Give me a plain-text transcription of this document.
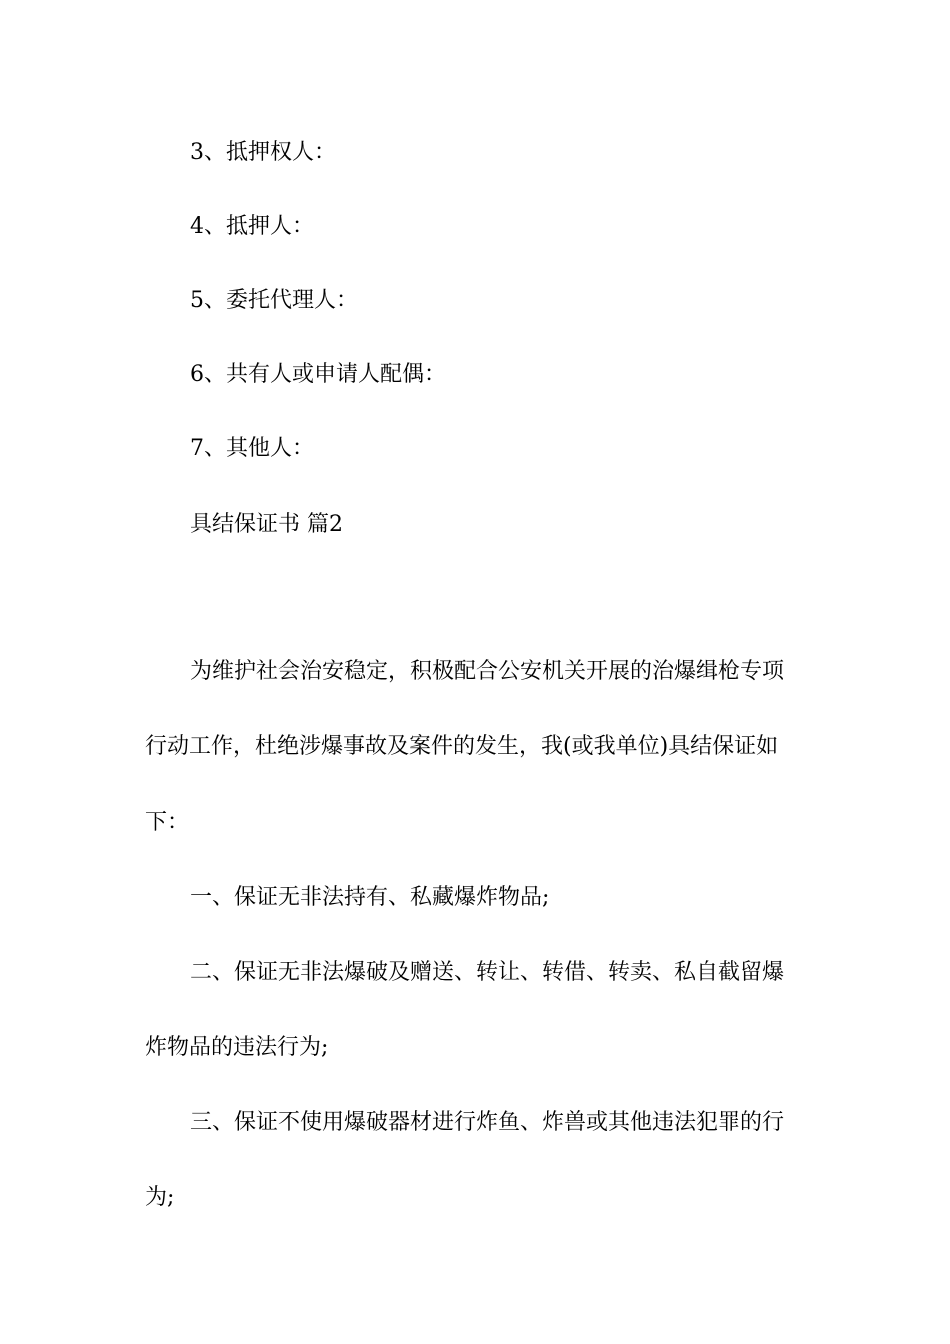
3、抵押权人：
4、抵押人：
5、委托代理人：
6、共有人或申请人配偶：
7、其他人：
具结保证书 篇2
为维护社会治安稳定，积极配合公安机关开展的治爆缉枪专项
行动工作，杜绝涉爆事故及案件的发生，我(或我单位)具结保证如
下：
一、保证无非法持有、私藏爆炸物品;
二、保证无非法爆破及赠送、转让、转借、转卖、私自截留爆
炸物品的违法行为;
三、保证不使用爆破器材进行炸鱼、炸兽或其他违法犯罪的行
为;
